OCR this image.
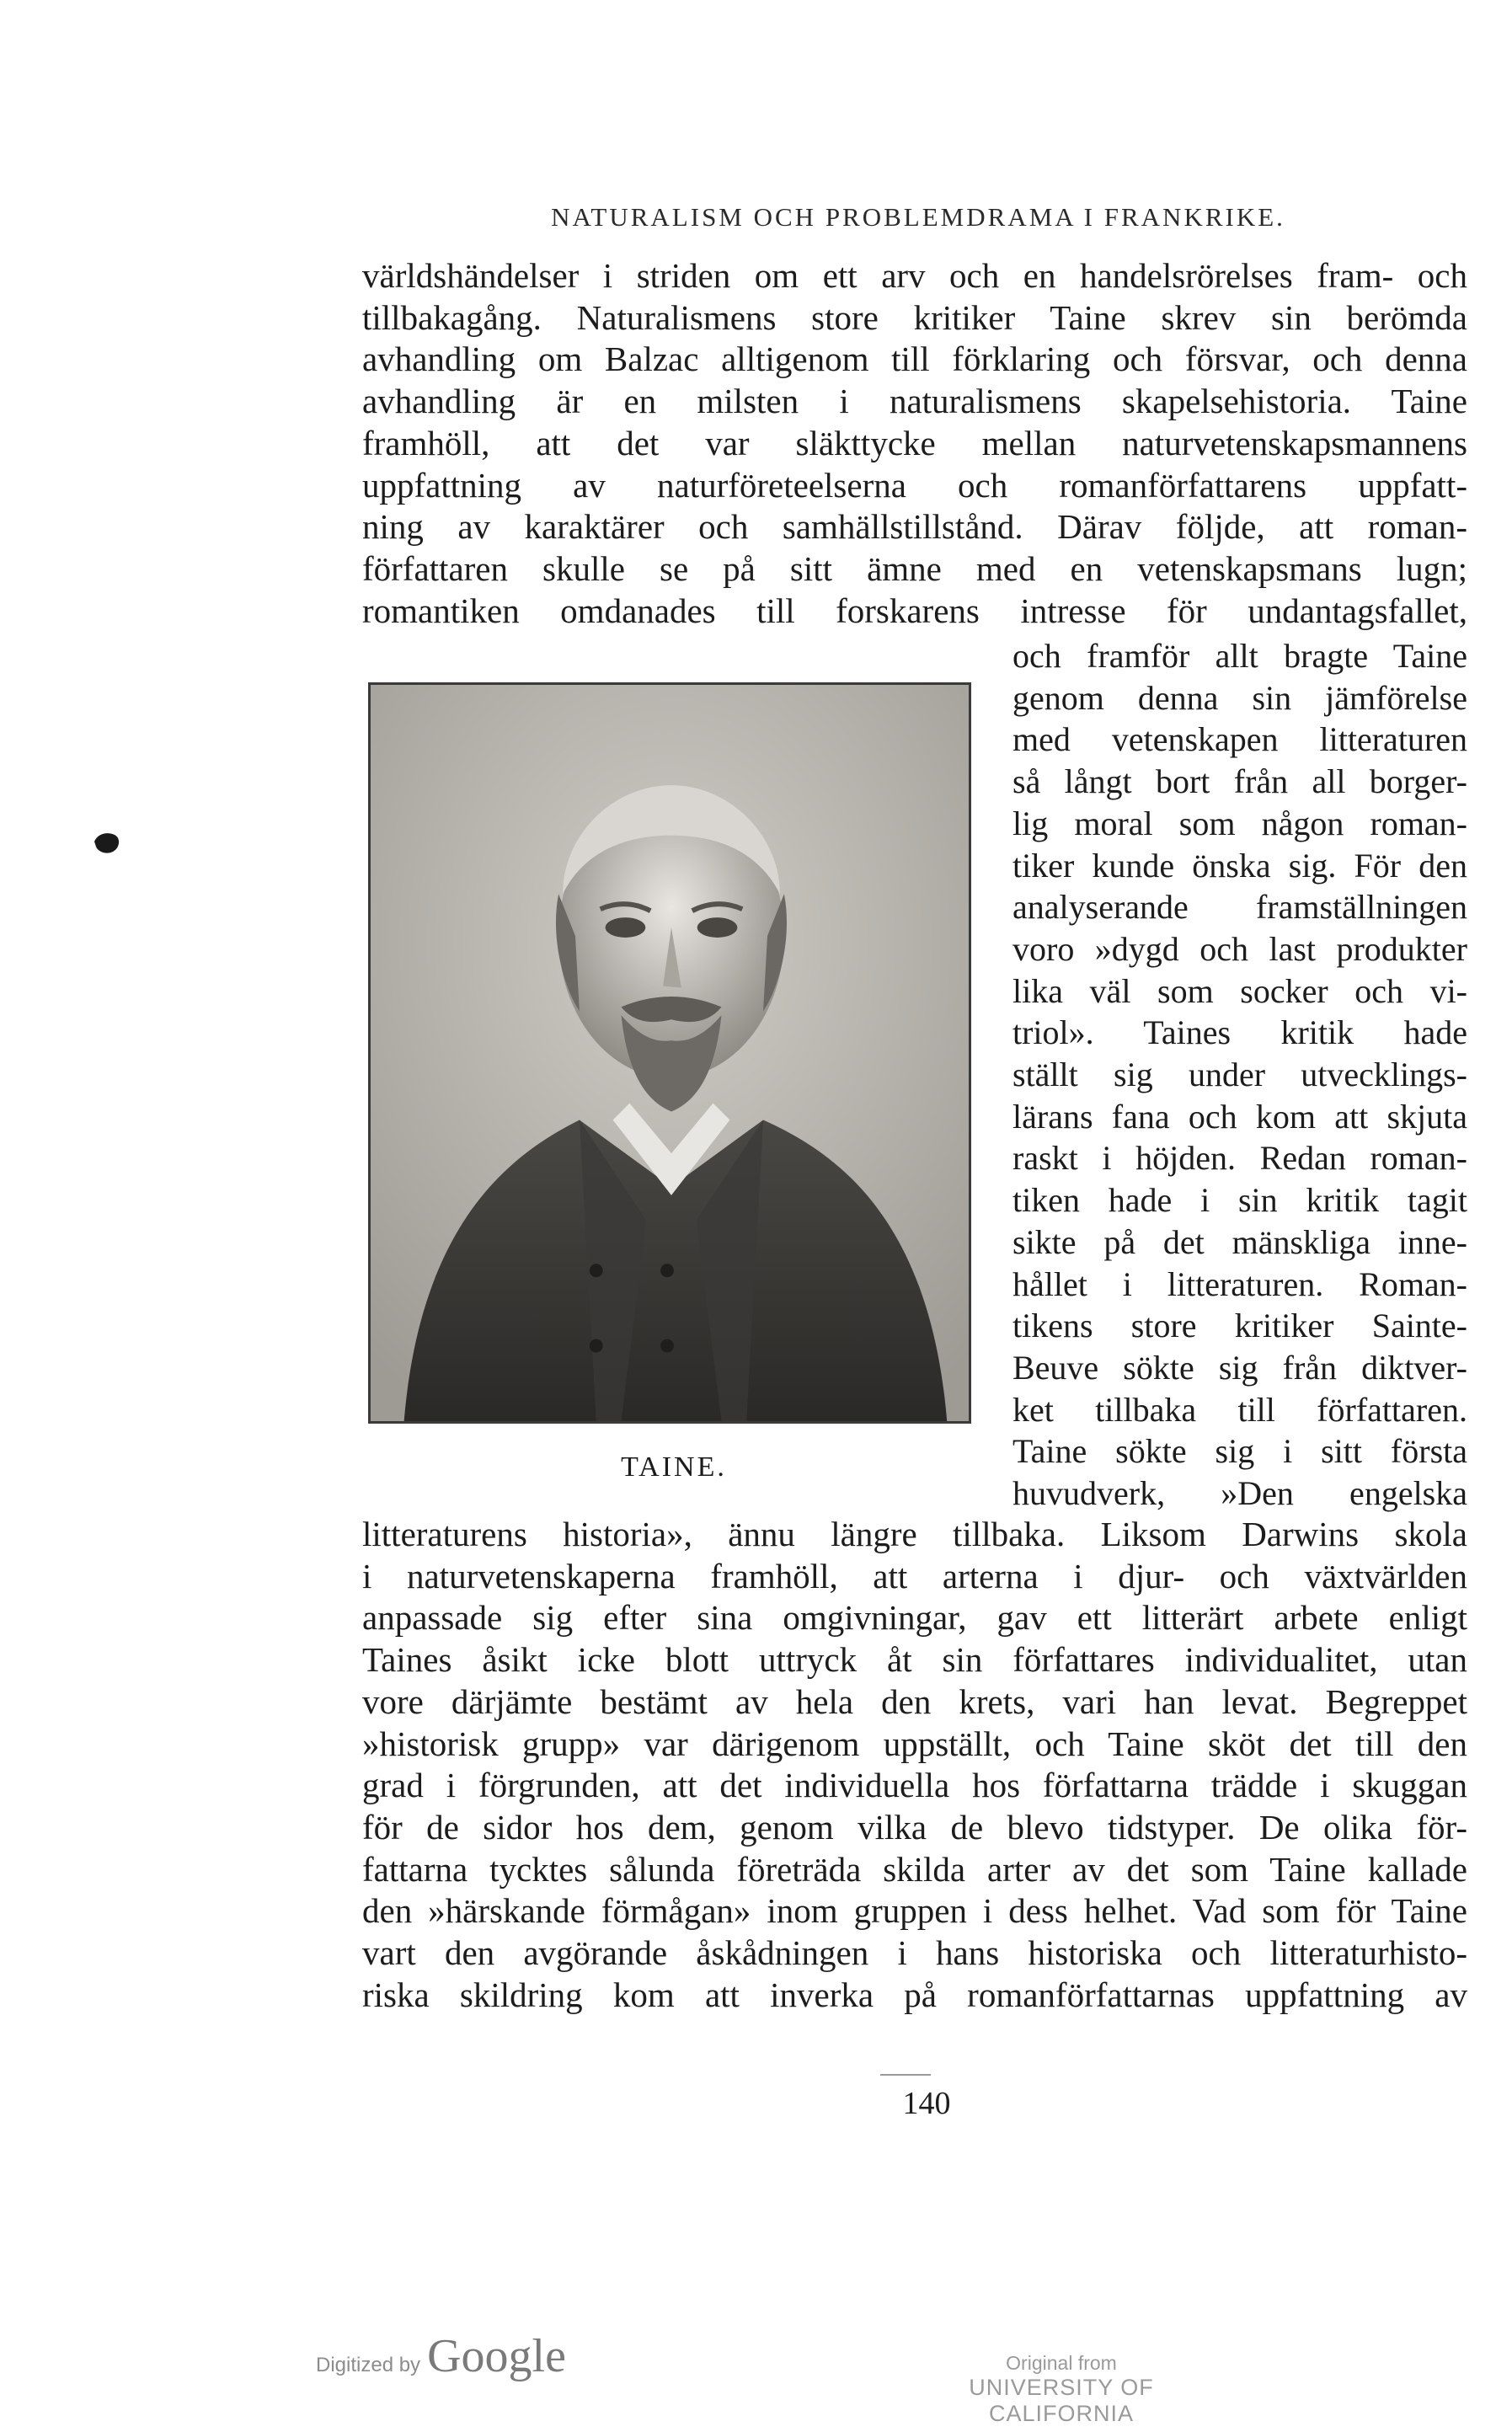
NATURALISM OCH PROBLEMDRAMA I FRANKRIKE.
världshändelser i striden om ett arv och en handelsrörelses fram- och
tillbakagång. Naturalismens store kritiker Taine skrev sin berömda
avhandling om Balzac alltigenom till förklaring och försvar, och denna
avhandling är en milsten i naturalismens skapelsehistoria. Taine
framhöll, att det var släkttycke mellan naturvetenskapsmannens
uppfattning av naturföreteelserna och romanförfattarens uppfatt-
ning av karaktärer och samhällstillstånd. Därav följde, att roman-
författaren skulle se på sitt ämne med en vetenskapsmans lugn;
romantiken omdanades till forskarens intresse för undantagsfallet,
TAINE.
och framför allt bragte Taine
genom denna sin jämförelse
med vetenskapen litteraturen
så långt bort från all borger-
lig moral som någon roman-
tiker kunde önska sig. För den
analyserande framställningen
voro »dygd och last produkter
lika väl som socker och vi-
triol». Taines kritik hade
ställt sig under utvecklings-
lärans fana och kom att skjuta
raskt i höjden. Redan roman-
tiken hade i sin kritik tagit
sikte på det mänskliga inne-
hållet i litteraturen. Roman-
tikens store kritiker Sainte-
Beuve sökte sig från diktver-
ket tillbaka till författaren.
Taine sökte sig i sitt första
huvudverk, »Den engelska
litteraturens historia», ännu längre tillbaka. Liksom Darwins skola
i naturvetenskaperna framhöll, att arterna i djur- och växtvärlden
anpassade sig efter sina omgivningar, gav ett litterärt arbete enligt
Taines åsikt icke blott uttryck åt sin författares individualitet, utan
vore därjämte bestämt av hela den krets, vari han levat. Begreppet
»historisk grupp» var därigenom uppställt, och Taine sköt det till den
grad i förgrunden, att det individuella hos författarna trädde i skuggan
för de sidor hos dem, genom vilka de blevo tidstyper. De olika för-
fattarna tycktes sålunda företräda skilda arter av det som Taine kallade
den »härskande förmågan» inom gruppen i dess helhet. Vad som för Taine
vart den avgörande åskådningen i hans historiska och litteraturhisto-
riska skildring kom att inverka på romanförfattarnas uppfattning av
140
Digitized by Google	Original from
UNIVERSITY OF CALIFORNIA
